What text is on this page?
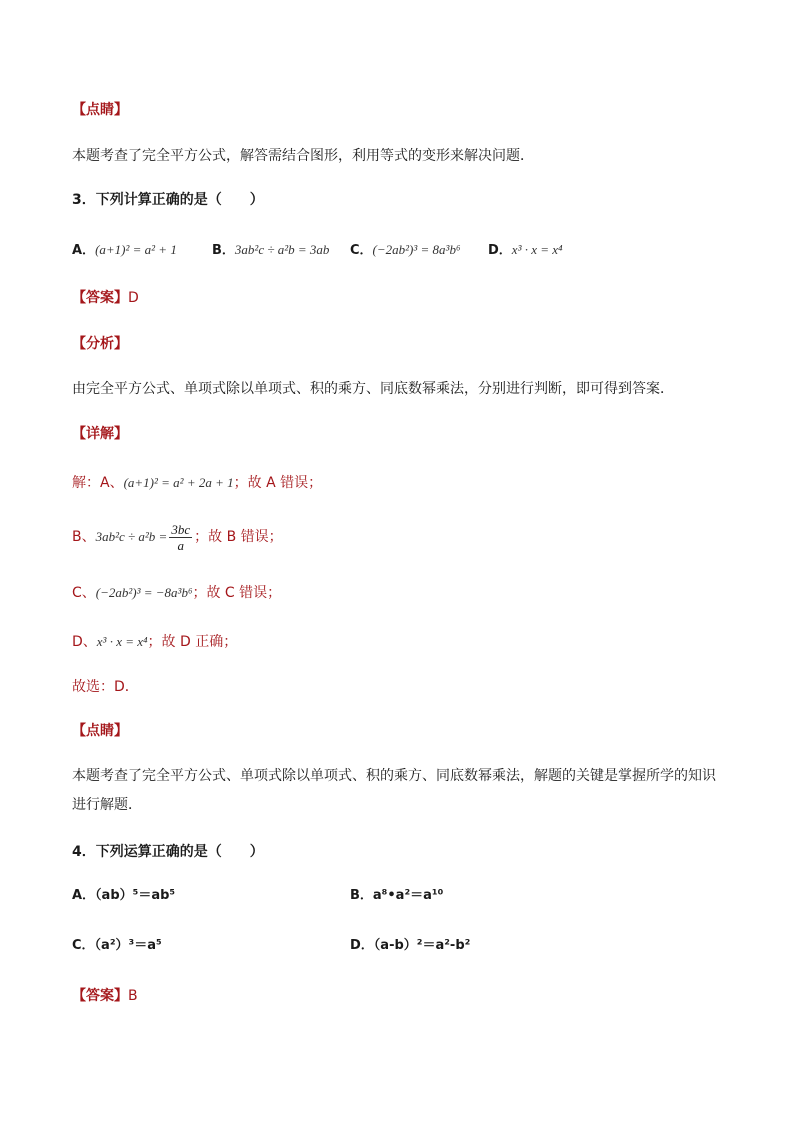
【点睛】
本题考查了完全平方公式，解答需结合图形，利用等式的变形来解决问题．
3．下列计算正确的是（　　）
A．(a+1)² = a² + 1	B．3ab²c ÷ a²b = 3ab C．(−2ab²)³ = 8a³b⁶ D．x³ · x = x⁴
【答案】D
【分析】
由完全平方公式、单项式除以单项式、积的乘方、同底数幂乘法，分别进行判断，即可得到答案．
【详解】
解：A、(a+1)² = a² + 2a + 1；故 A 错误；
B、$3ab^2c \div a^2b = \frac{3bc}{a}$ ；故 B 错误；
C、(−2ab²)³ = −8a³b⁶；故 C 错误；
D、x³ · x = x⁴；故 D 正确；
故选：D．
【点睛】
本题考查了完全平方公式、单项式除以单项式、积的乘方、同底数幂乘法，解题的关键是掌握所学的知识进行解题．
4．下列运算正确的是（　　）
A．（ab）⁵＝ab⁵	B．a⁸•a²＝a¹⁰
C．（a²）³＝a⁵	D．（a-b）²＝a²-b²
【答案】B
